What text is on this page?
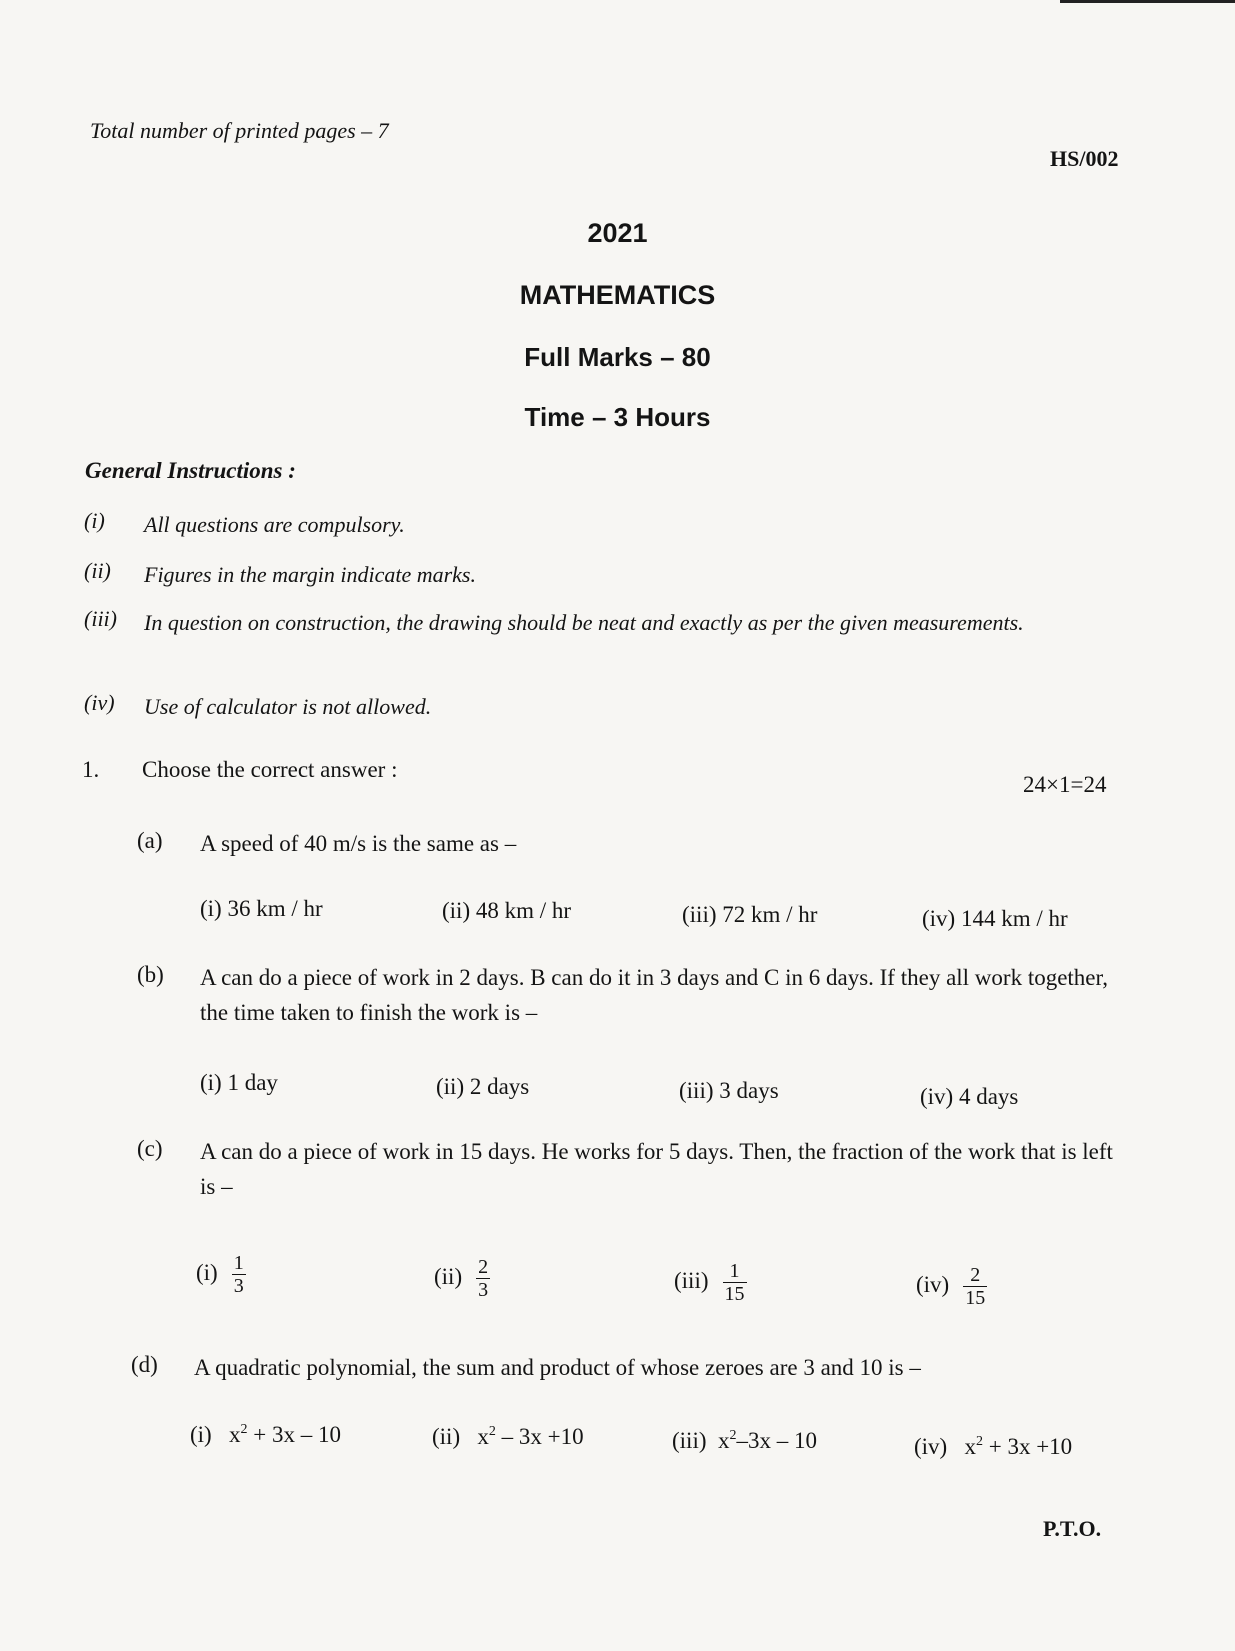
Total number of printed pages – 7
HS/002
2021
MATHEMATICS
Full Marks – 80
Time – 3 Hours
General Instructions :
(i) All questions are compulsory.
(ii) Figures in the margin indicate marks.
(iii) In question on construction, the drawing should be neat and exactly as per the given measurements.
(iv) Use of calculator is not allowed.
1. Choose the correct answer :
24×1=24
(a) A speed of 40 m/s is the same as –
(i) 36 km / hr	(ii) 48 km / hr	(iii) 72 km / hr	(iv) 144 km / hr
(b) A can do a piece of work in 2 days. B can do it in 3 days and C in 6 days. If they all work together, the time taken to finish the work is –
(i) 1 day	(ii) 2 days	(iii) 3 days	(iv) 4 days
(c) A can do a piece of work in 15 days. He works for 5 days. Then, the fraction of the work that is left is –
$(i) \frac{1}{3}$	$(ii) \frac{2}{3}$	$(iii) \frac{1}{15}$	$(iv) \frac{2}{15}$
(d) A quadratic polynomial, the sum and product of whose zeroes are 3 and 10 is –
(i) $x^2 + 3x - 10$	(ii) $x^2 - 3x +10$	(iii) $x^2-3x - 10$	(iv) $x^2 + 3x +10$
P.T.O.
